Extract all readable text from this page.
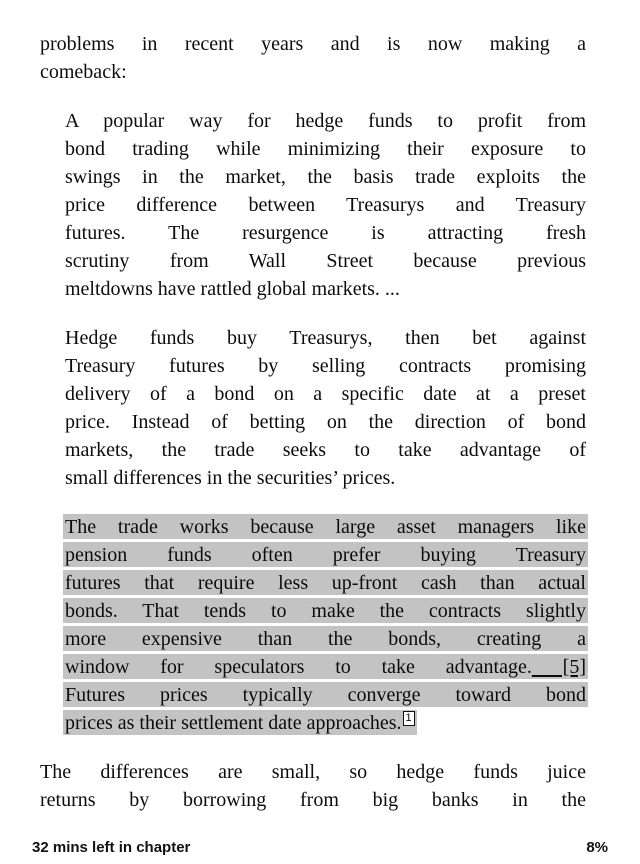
problems in recent years and is now making a
comeback:
A popular way for hedge funds to profit from
bond trading while minimizing their exposure to
swings in the market, the basis trade exploits the
price difference between Treasurys and Treasury
futures. The resurgence is attracting fresh
scrutiny from Wall Street because previous
meltdowns have rattled global markets. ...
Hedge funds buy Treasurys, then bet against
Treasury futures by selling contracts promising
delivery of a bond on a specific date at a preset
price. Instead of betting on the direction of bond
markets, the trade seeks to take advantage of
small differences in the securities’ prices.
The trade works because large asset managers like
pension funds often prefer buying Treasury
futures that require less up-front cash than actual
bonds. That tends to make the contracts slightly
more expensive than the bonds, creating a
window for speculators to take advantage. [5]
Futures prices typically converge toward bond
prices as their settlement date approaches. 1
The differences are small, so hedge funds juice
returns by borrowing from big banks in the
32 mins left in chapter	8%
